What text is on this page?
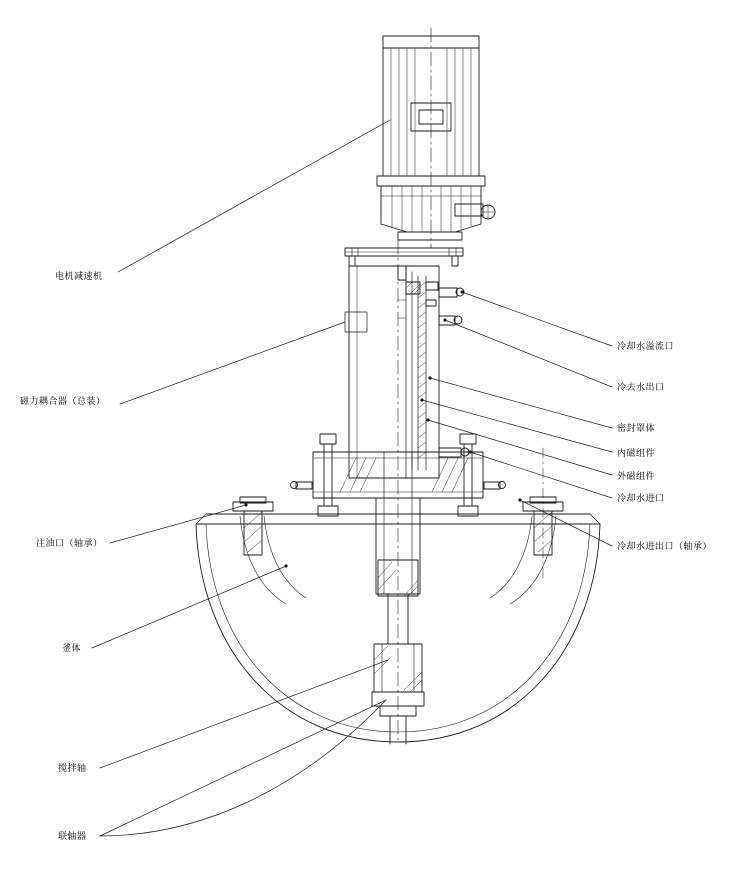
电机减速机
磁力耦合器（总装）
注油口（轴承）
釜体
搅拌轴
联轴器
冷却水溢流口
冷去水出口
密封罩体
内磁组件
外磁组件
冷却水进口
冷却水进出口（轴承）
